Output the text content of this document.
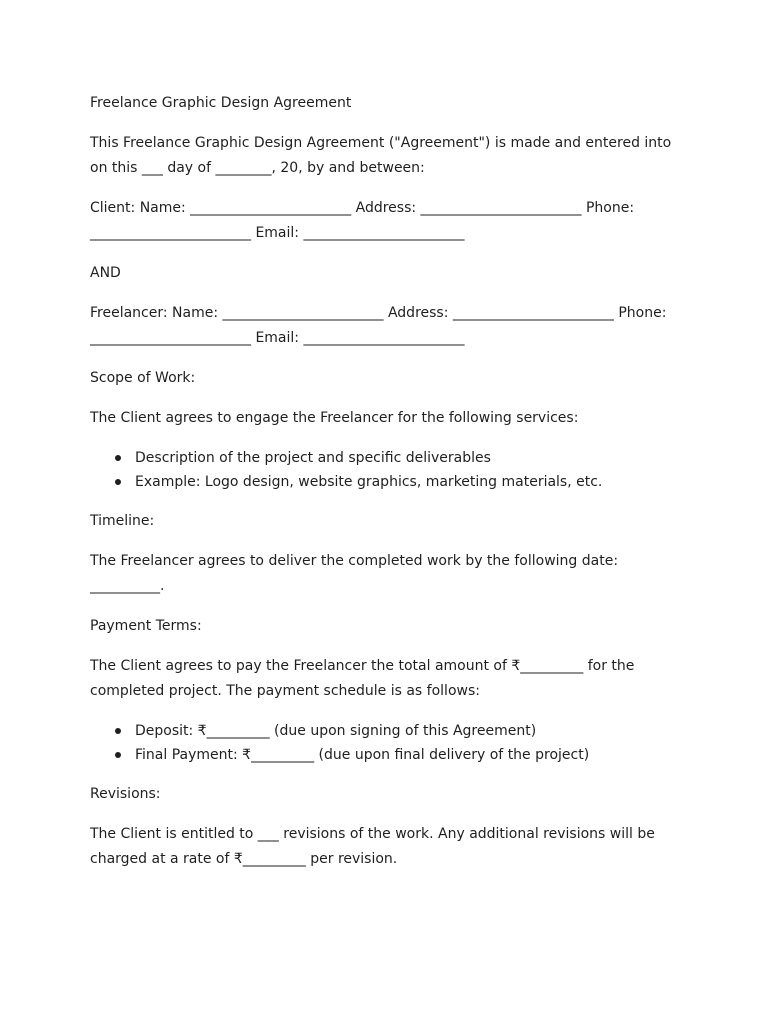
Freelance Graphic Design Agreement

This Freelance Graphic Design Agreement ("Agreement") is made and entered into on this ___ day of ________, 20, by and between:

Client: Name: _______________________ Address: _______________________ Phone: _______________________ Email: _______________________

AND

Freelancer: Name: _______________________ Address: _______________________ Phone: _______________________ Email: _______________________

Scope of Work:

The Client agrees to engage the Freelancer for the following services:

Description of the project and specific deliverables
Example: Logo design, website graphics, marketing materials, etc.

Timeline:

The Freelancer agrees to deliver the completed work by the following date: __________.

Payment Terms:

The Client agrees to pay the Freelancer the total amount of ₹_________ for the completed project. The payment schedule is as follows:

Deposit: ₹_________ (due upon signing of this Agreement)
Final Payment: ₹_________ (due upon final delivery of the project)

Revisions:

The Client is entitled to ___ revisions of the work. Any additional revisions will be charged at a rate of ₹_________ per revision.
